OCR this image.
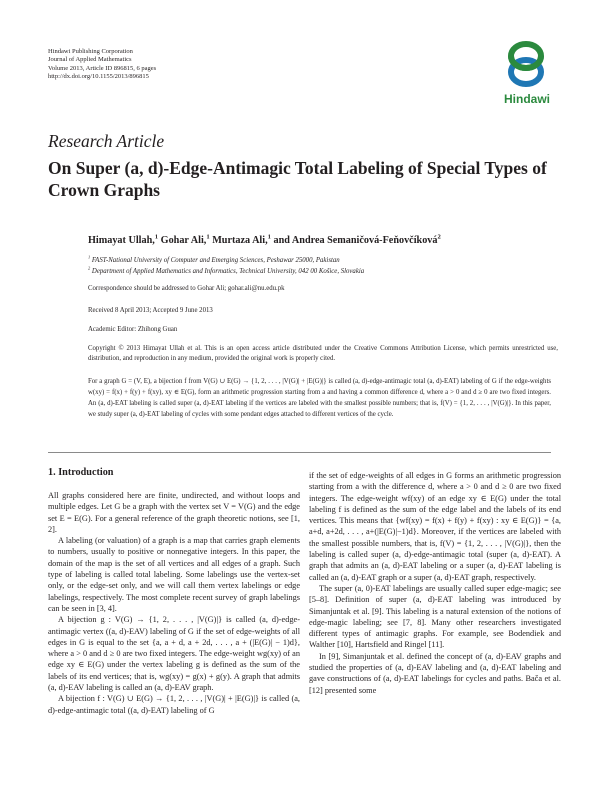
Hindawi Publishing Corporation
Journal of Applied Mathematics
Volume 2013, Article ID 896815, 6 pages
http://dx.doi.org/10.1155/2013/896815
Hindawi
Research Article
On Super (a, d)-Edge-Antimagic Total Labeling of Special Types of Crown Graphs
Himayat Ullah,$^1$ Gohar Ali,$^1$ Murtaza Ali,$^1$ and Andrea Semaničová-Feňovčíková$^2$
$^1$ FAST-National University of Computer and Emerging Sciences, Peshawar 25000, Pakistan
$^2$ Department of Applied Mathematics and Informatics, Technical University, 042 00 Košice, Slovakia
Correspondence should be addressed to Gohar Ali; gohar.ali@nu.edu.pk
Received 8 April 2013; Accepted 9 June 2013
Academic Editor: Zhihong Guan
Copyright © 2013 Himayat Ullah et al. This is an open access article distributed under the Creative Commons Attribution License, which permits unrestricted use, distribution, and reproduction in any medium, provided the original work is properly cited.
For a graph G = (V, E), a bijection f from V(G) ∪ E(G) → {1, 2, . . . , |V(G)| + |E(G)|} is called (a, d)-edge-antimagic total (a, d)-EAT) labeling of G if the edge-weights w(xy) = f(x) + f(y) + f(xy), xy ∈ E(G), form an arithmetic progression starting from a and having a common difference d, where a > 0 and d ≥ 0 are two fixed integers. An (a, d)-EAT labeling is called super (a, d)-EAT labeling if the vertices are labeled with the smallest possible numbers; that is, f(V) = {1, 2, . . . , |V(G)|}. In this paper, we study super (a, d)-EAT labeling of cycles with some pendant edges attached to different vertices of the cycle.
1. Introduction

All graphs considered here are finite, undirected, and without loops and multiple edges. Let G be a graph with the vertex set V = V(G) and the edge set E = E(G). For a general reference of the graph theoretic notions, see [1, 2].

A labeling (or valuation) of a graph is a map that carries graph elements to numbers, usually to positive or nonnegative integers. In this paper, the domain of the map is the set of all vertices and all edges of a graph. Such type of labeling is called total labeling. Some labelings use the vertex-set only, or the edge-set only, and we will call them vertex labelings or edge labelings, respectively. The most complete recent survey of graph labelings can be seen in [3, 4].

A bijection g : V(G) → {1, 2, . . . , |V(G)|} is called (a, d)-edge-antimagic vertex ((a, d)-EAV) labeling of G if the set of edge-weights of all edges in G is equal to the set {a, a + d, a + 2d, . . . , a + (|E(G)| − 1)d}, where a > 0 and d ≥ 0 are two fixed integers. The edge-weight wg(xy) of an edge xy ∈ E(G) under the vertex labeling g is defined as the sum of the labels of its end vertices; that is, wg(xy) = g(x) + g(y). A graph that admits (a, d)-EAV labeling is called an (a, d)-EAV graph.

A bijection f : V(G) ∪ E(G) → {1, 2, . . . , |V(G)| + |E(G)|} is called (a, d)-edge-antimagic total ((a, d)-EAT) labeling of G

if the set of edge-weights of all edges in G forms an arithmetic progression starting from a with the difference d, where a > 0 and d ≥ 0 are two fixed integers. The edge-weight wf(xy) of an edge xy ∈ E(G) under the total labeling f is defined as the sum of the edge label and the labels of its end vertices. This means that {wf(xy) = f(x) + f(y) + f(xy) : xy ∈ E(G)} = {a, a+d, a+2d, . . . , a+(|E(G)|−1)d}. Moreover, if the vertices are labeled with the smallest possible numbers, that is, f(V) = {1, 2, . . . , |V(G)|}, then the labeling is called super (a, d)-edge-antimagic total (super (a, d)-EAT). A graph that admits an (a, d)-EAT labeling or a super (a, d)-EAT labeling is called an (a, d)-EAT graph or a super (a, d)-EAT graph, respectively.

The super (a, 0)-EAT labelings are usually called super edge-magic; see [5–8]. Definition of super (a, d)-EAT labeling was introduced by Simanjuntak et al. [9]. This labeling is a natural extension of the notions of edge-magic labeling; see [7, 8]. Many other researchers investigated different types of antimagic graphs. For example, see Bodendiek and Walther [10], Hartsfield and Ringel [11].

In [9], Simanjuntak et al. defined the concept of (a, d)-EAV graphs and studied the properties of (a, d)-EAV labeling and (a, d)-EAT labeling and gave constructions of (a, d)-EAT labelings for cycles and paths. Bača et al. [12] presented some
